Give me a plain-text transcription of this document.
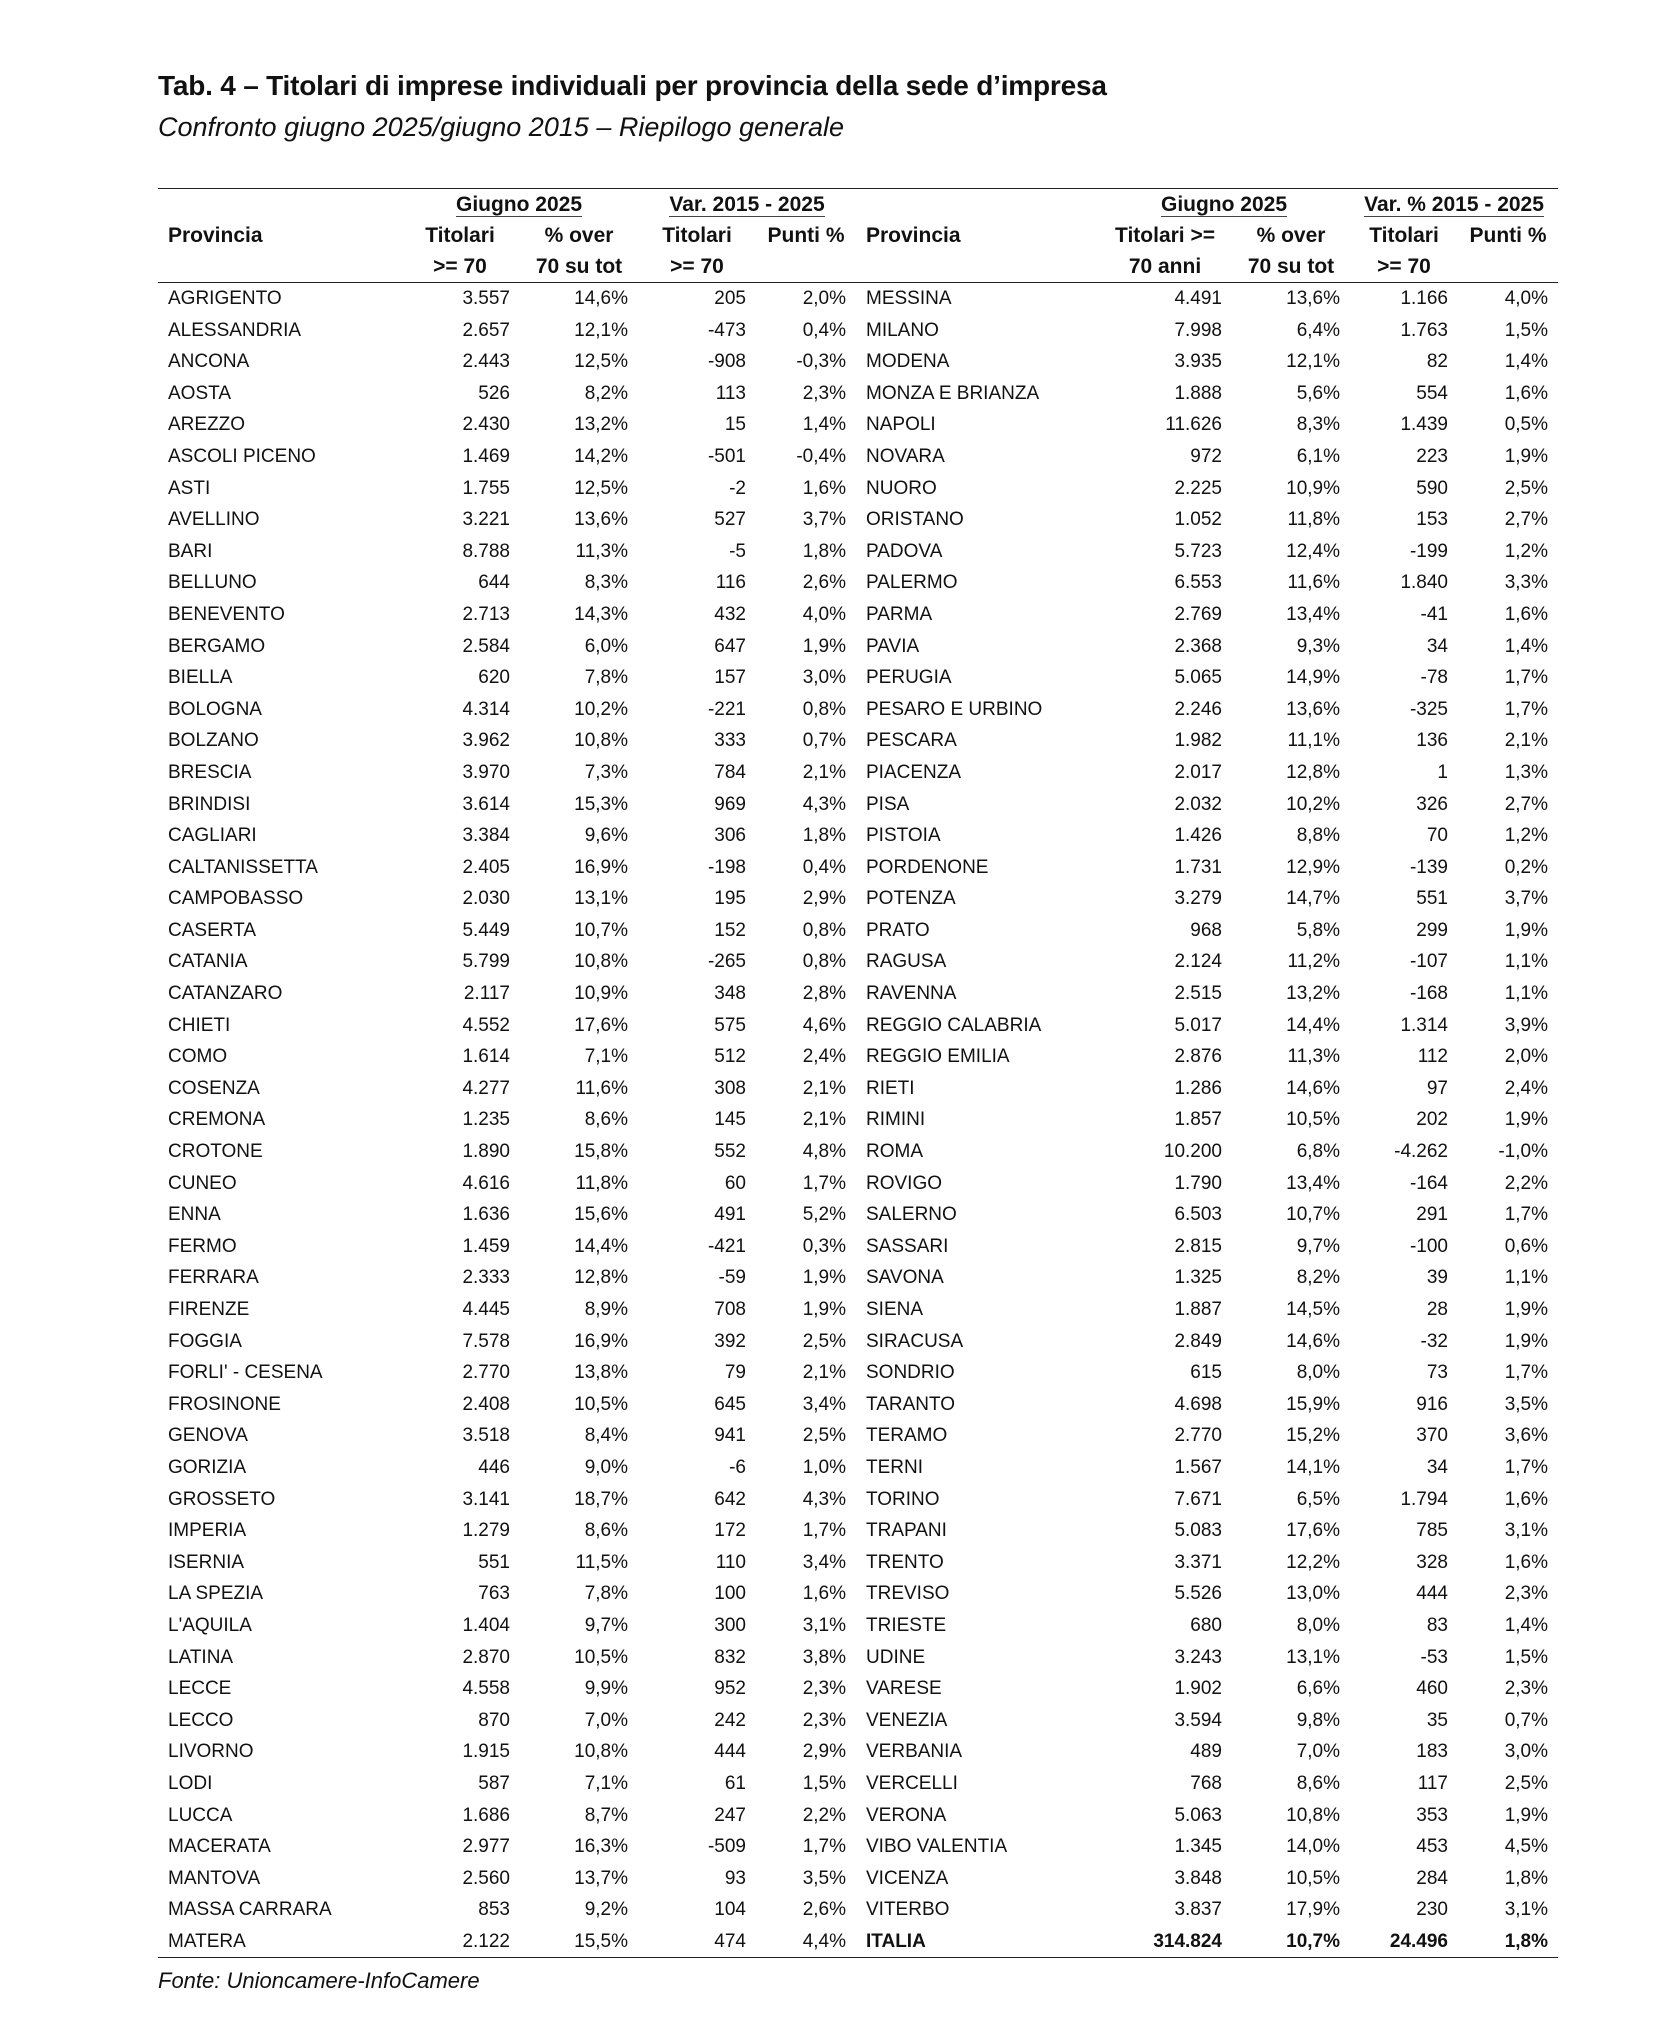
Tab. 4 – Titolari di imprese individuali per provincia della sede d’impresa
Confronto giugno 2025/giugno 2015 – Riepilogo generale
	Giugno 2025		Var. 2015 - 2025			Giugno 2025		Var. % 2015 - 2025	
Provincia	Titolari	% over	Titolari	Punti %	Provincia	Titolari >=	% over	Titolari	Punti %
	>= 70	70 su tot	>= 70			70 anni	70 su tot	>= 70	
AGRIGENTO	3.557	14,6%	205	2,0%	MESSINA	4.491	13,6%	1.166	4,0%
ALESSANDRIA	2.657	12,1%	-473	0,4%	MILANO	7.998	6,4%	1.763	1,5%
ANCONA	2.443	12,5%	-908	-0,3%	MODENA	3.935	12,1%	82	1,4%
AOSTA	526	8,2%	113	2,3%	MONZA E BRIANZA	1.888	5,6%	554	1,6%
AREZZO	2.430	13,2%	15	1,4%	NAPOLI	11.626	8,3%	1.439	0,5%
ASCOLI PICENO	1.469	14,2%	-501	-0,4%	NOVARA	972	6,1%	223	1,9%
ASTI	1.755	12,5%	-2	1,6%	NUORO	2.225	10,9%	590	2,5%
AVELLINO	3.221	13,6%	527	3,7%	ORISTANO	1.052	11,8%	153	2,7%
BARI	8.788	11,3%	-5	1,8%	PADOVA	5.723	12,4%	-199	1,2%
BELLUNO	644	8,3%	116	2,6%	PALERMO	6.553	11,6%	1.840	3,3%
BENEVENTO	2.713	14,3%	432	4,0%	PARMA	2.769	13,4%	-41	1,6%
BERGAMO	2.584	6,0%	647	1,9%	PAVIA	2.368	9,3%	34	1,4%
BIELLA	620	7,8%	157	3,0%	PERUGIA	5.065	14,9%	-78	1,7%
BOLOGNA	4.314	10,2%	-221	0,8%	PESARO E URBINO	2.246	13,6%	-325	1,7%
BOLZANO	3.962	10,8%	333	0,7%	PESCARA	1.982	11,1%	136	2,1%
BRESCIA	3.970	7,3%	784	2,1%	PIACENZA	2.017	12,8%	1	1,3%
BRINDISI	3.614	15,3%	969	4,3%	PISA	2.032	10,2%	326	2,7%
CAGLIARI	3.384	9,6%	306	1,8%	PISTOIA	1.426	8,8%	70	1,2%
CALTANISSETTA	2.405	16,9%	-198	0,4%	PORDENONE	1.731	12,9%	-139	0,2%
CAMPOBASSO	2.030	13,1%	195	2,9%	POTENZA	3.279	14,7%	551	3,7%
CASERTA	5.449	10,7%	152	0,8%	PRATO	968	5,8%	299	1,9%
CATANIA	5.799	10,8%	-265	0,8%	RAGUSA	2.124	11,2%	-107	1,1%
CATANZARO	2.117	10,9%	348	2,8%	RAVENNA	2.515	13,2%	-168	1,1%
CHIETI	4.552	17,6%	575	4,6%	REGGIO CALABRIA	5.017	14,4%	1.314	3,9%
COMO	1.614	7,1%	512	2,4%	REGGIO EMILIA	2.876	11,3%	112	2,0%
COSENZA	4.277	11,6%	308	2,1%	RIETI	1.286	14,6%	97	2,4%
CREMONA	1.235	8,6%	145	2,1%	RIMINI	1.857	10,5%	202	1,9%
CROTONE	1.890	15,8%	552	4,8%	ROMA	10.200	6,8%	-4.262	-1,0%
CUNEO	4.616	11,8%	60	1,7%	ROVIGO	1.790	13,4%	-164	2,2%
ENNA	1.636	15,6%	491	5,2%	SALERNO	6.503	10,7%	291	1,7%
FERMO	1.459	14,4%	-421	0,3%	SASSARI	2.815	9,7%	-100	0,6%
FERRARA	2.333	12,8%	-59	1,9%	SAVONA	1.325	8,2%	39	1,1%
FIRENZE	4.445	8,9%	708	1,9%	SIENA	1.887	14,5%	28	1,9%
FOGGIA	7.578	16,9%	392	2,5%	SIRACUSA	2.849	14,6%	-32	1,9%
FORLI' - CESENA	2.770	13,8%	79	2,1%	SONDRIO	615	8,0%	73	1,7%
FROSINONE	2.408	10,5%	645	3,4%	TARANTO	4.698	15,9%	916	3,5%
GENOVA	3.518	8,4%	941	2,5%	TERAMO	2.770	15,2%	370	3,6%
GORIZIA	446	9,0%	-6	1,0%	TERNI	1.567	14,1%	34	1,7%
GROSSETO	3.141	18,7%	642	4,3%	TORINO	7.671	6,5%	1.794	1,6%
IMPERIA	1.279	8,6%	172	1,7%	TRAPANI	5.083	17,6%	785	3,1%
ISERNIA	551	11,5%	110	3,4%	TRENTO	3.371	12,2%	328	1,6%
LA SPEZIA	763	7,8%	100	1,6%	TREVISO	5.526	13,0%	444	2,3%
L'AQUILA	1.404	9,7%	300	3,1%	TRIESTE	680	8,0%	83	1,4%
LATINA	2.870	10,5%	832	3,8%	UDINE	3.243	13,1%	-53	1,5%
LECCE	4.558	9,9%	952	2,3%	VARESE	1.902	6,6%	460	2,3%
LECCO	870	7,0%	242	2,3%	VENEZIA	3.594	9,8%	35	0,7%
LIVORNO	1.915	10,8%	444	2,9%	VERBANIA	489	7,0%	183	3,0%
LODI	587	7,1%	61	1,5%	VERCELLI	768	8,6%	117	2,5%
LUCCA	1.686	8,7%	247	2,2%	VERONA	5.063	10,8%	353	1,9%
MACERATA	2.977	16,3%	-509	1,7%	VIBO VALENTIA	1.345	14,0%	453	4,5%
MANTOVA	2.560	13,7%	93	3,5%	VICENZA	3.848	10,5%	284	1,8%
MASSA CARRARA	853	9,2%	104	2,6%	VITERBO	3.837	17,9%	230	3,1%
MATERA	2.122	15,5%	474	4,4%	ITALIA	314.824	10,7%	24.496	1,8%
Fonte: Unioncamere-InfoCamere
